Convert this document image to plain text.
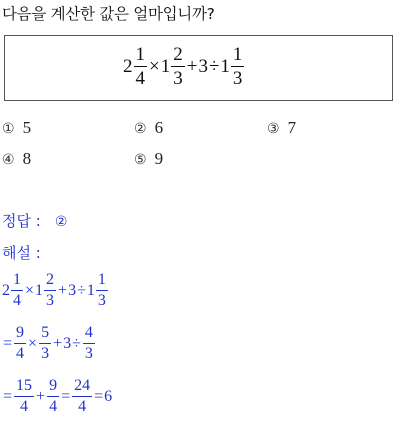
다음을 계산한 값은 얼마입니까?
$2 \frac{1}{4} \times 1 \frac{2}{3} + 3 \div 1 \frac{1}{3}$
① 5	② 6	③ 7
④ 8	⑤ 9
정답 : ②
해설 :
$2 \frac{1}{4} \times 1 \frac{2}{3} + 3 \div 1 \frac{1}{3}$
= $\frac{9}{4} \times \frac{5}{3} + 3 \div \frac{4}{3}$
= $\frac{15}{4} + \frac{9}{4} = \frac{24}{4} = 6$
